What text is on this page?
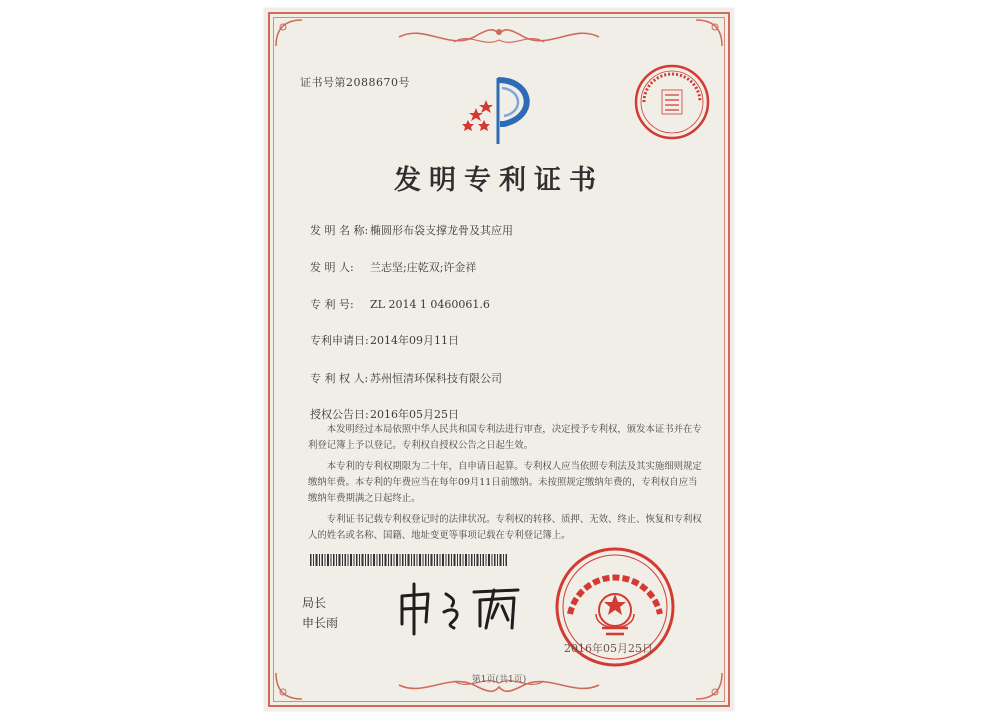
证书号第2088670号
发明专利证书
发 明 名 称: 椭圆形布袋支撑龙骨及其应用
发 明 人: 兰志坚;庄乾双;许金祥
专 利 号: ZL 2014 1 0460061.6
专利申请日:2014年09月11日
专 利 权 人: 苏州恒清环保科技有限公司
授权公告日:2016年05月25日

本发明经过本局依照中华人民共和国专利法进行审查，决定授予专利权，颁发本证书并在专利登记簿上予以登记。专利权自授权公告之日起生效。

本专利的专利权期限为二十年，自申请日起算。专利权人应当依照专利法及其实施细则规定缴纳年费。本专利的年费应当在每年09月11日前缴纳。未按照规定缴纳年费的，专利权自应当缴纳年费期满之日起终止。

专利证书记载专利权登记时的法律状况。专利权的转移、质押、无效、终止、恢复和专利权人的姓名或名称、国籍、地址变更等事项记载在专利登记簿上。

局长
申长雨
2016年05月25日
第1页(共1页)
